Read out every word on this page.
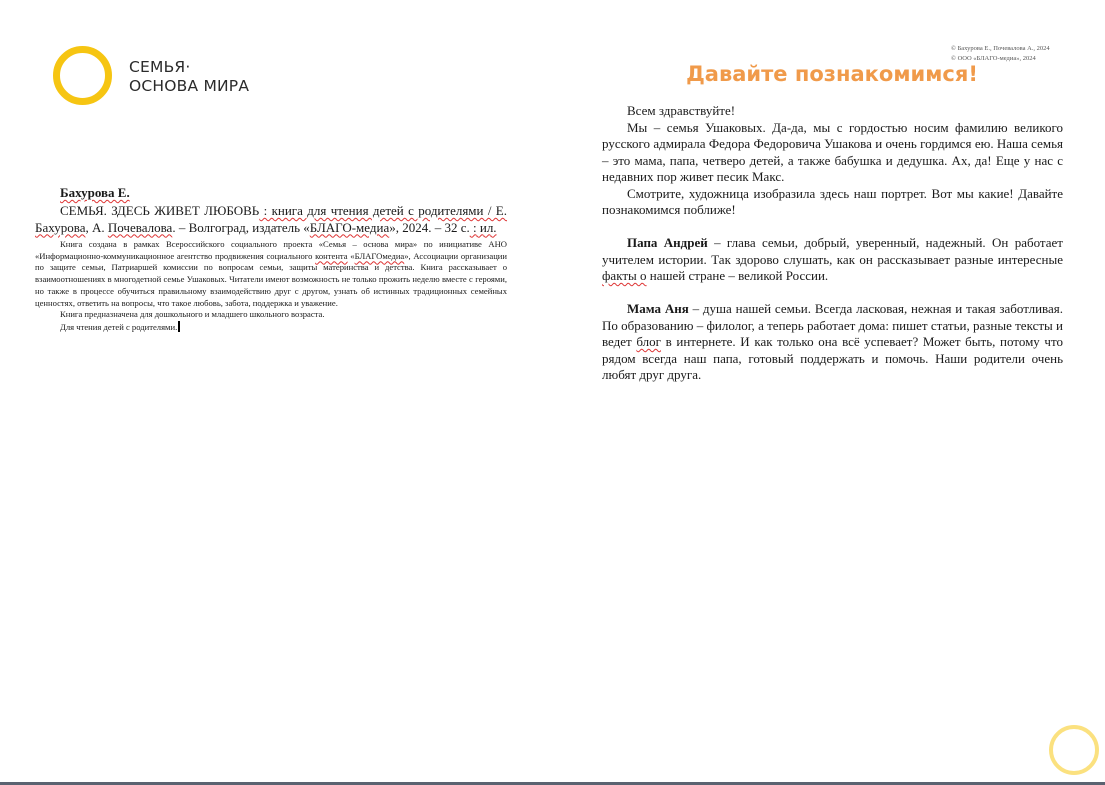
СЕМЬЯ·
ОСНОВА МИРА
© Бахурова Е., Почевалова А., 2024
© ООО «БЛАГО-медиа», 2024

Бахурова Е.

СЕМЬЯ. ЗДЕСЬ ЖИВЕТ ЛЮБОВЬ : книга для чтения детей с родителями / Е. Бахурова, А. Почевалова. – Волгоград, издатель «БЛАГО-медиа», 2024. – 32 с. : ил.

Книга создана в рамках Всероссийского социального проекта «Семья – основа мира» по инициативе АНО «Информационно-коммуникационное агентство продвижения социального контента «БЛАГОмедиа», Ассоциации организации по защите семьи, Патриаршей комиссии по вопросам семьи, защиты материнства и детства. Книга рассказывает о взаимоотношениях в многодетной семье Ушаковых. Читатели имеют возможность не только прожить неделю вместе с героями, но также в процессе обучиться правильному взаимодействию друг с другом, узнать об истинных традиционных семейных ценностях, ответить на вопросы, что такое любовь, забота, поддержка и уважение.

Книга предназначена для дошкольного и младшего школьного возраста.

Для чтения детей с родителями.

Давайте познакомимся!

Всем здравствуйте!

Мы – семья Ушаковых. Да-да, мы с гордостью носим фамилию великого русского адмирала Федора Федоровича Ушакова и очень гордимся ею. Наша семья – это мама, папа, четверо детей, а также бабушка и дедушка. Ах, да! Еще у нас с недавних пор живет песик Макс.

Смотрите, художница изобразила здесь наш портрет. Вот мы какие! Давайте познакомимся поближе!

Папа Андрей – глава семьи, добрый, уверенный, надежный. Он работает учителем истории. Так здорово слушать, как он рассказывает разные интересные факты о нашей стране – великой России.

Мама Аня – душа нашей семьи. Всегда ласковая, нежная и такая заботливая. По образованию – филолог, а теперь работает дома: пишет статьи, разные тексты и ведет блог в интернете. И как только она всё успевает? Может быть, потому что рядом всегда наш папа, готовый поддержать и помочь. Наши родители очень любят друг друга.
